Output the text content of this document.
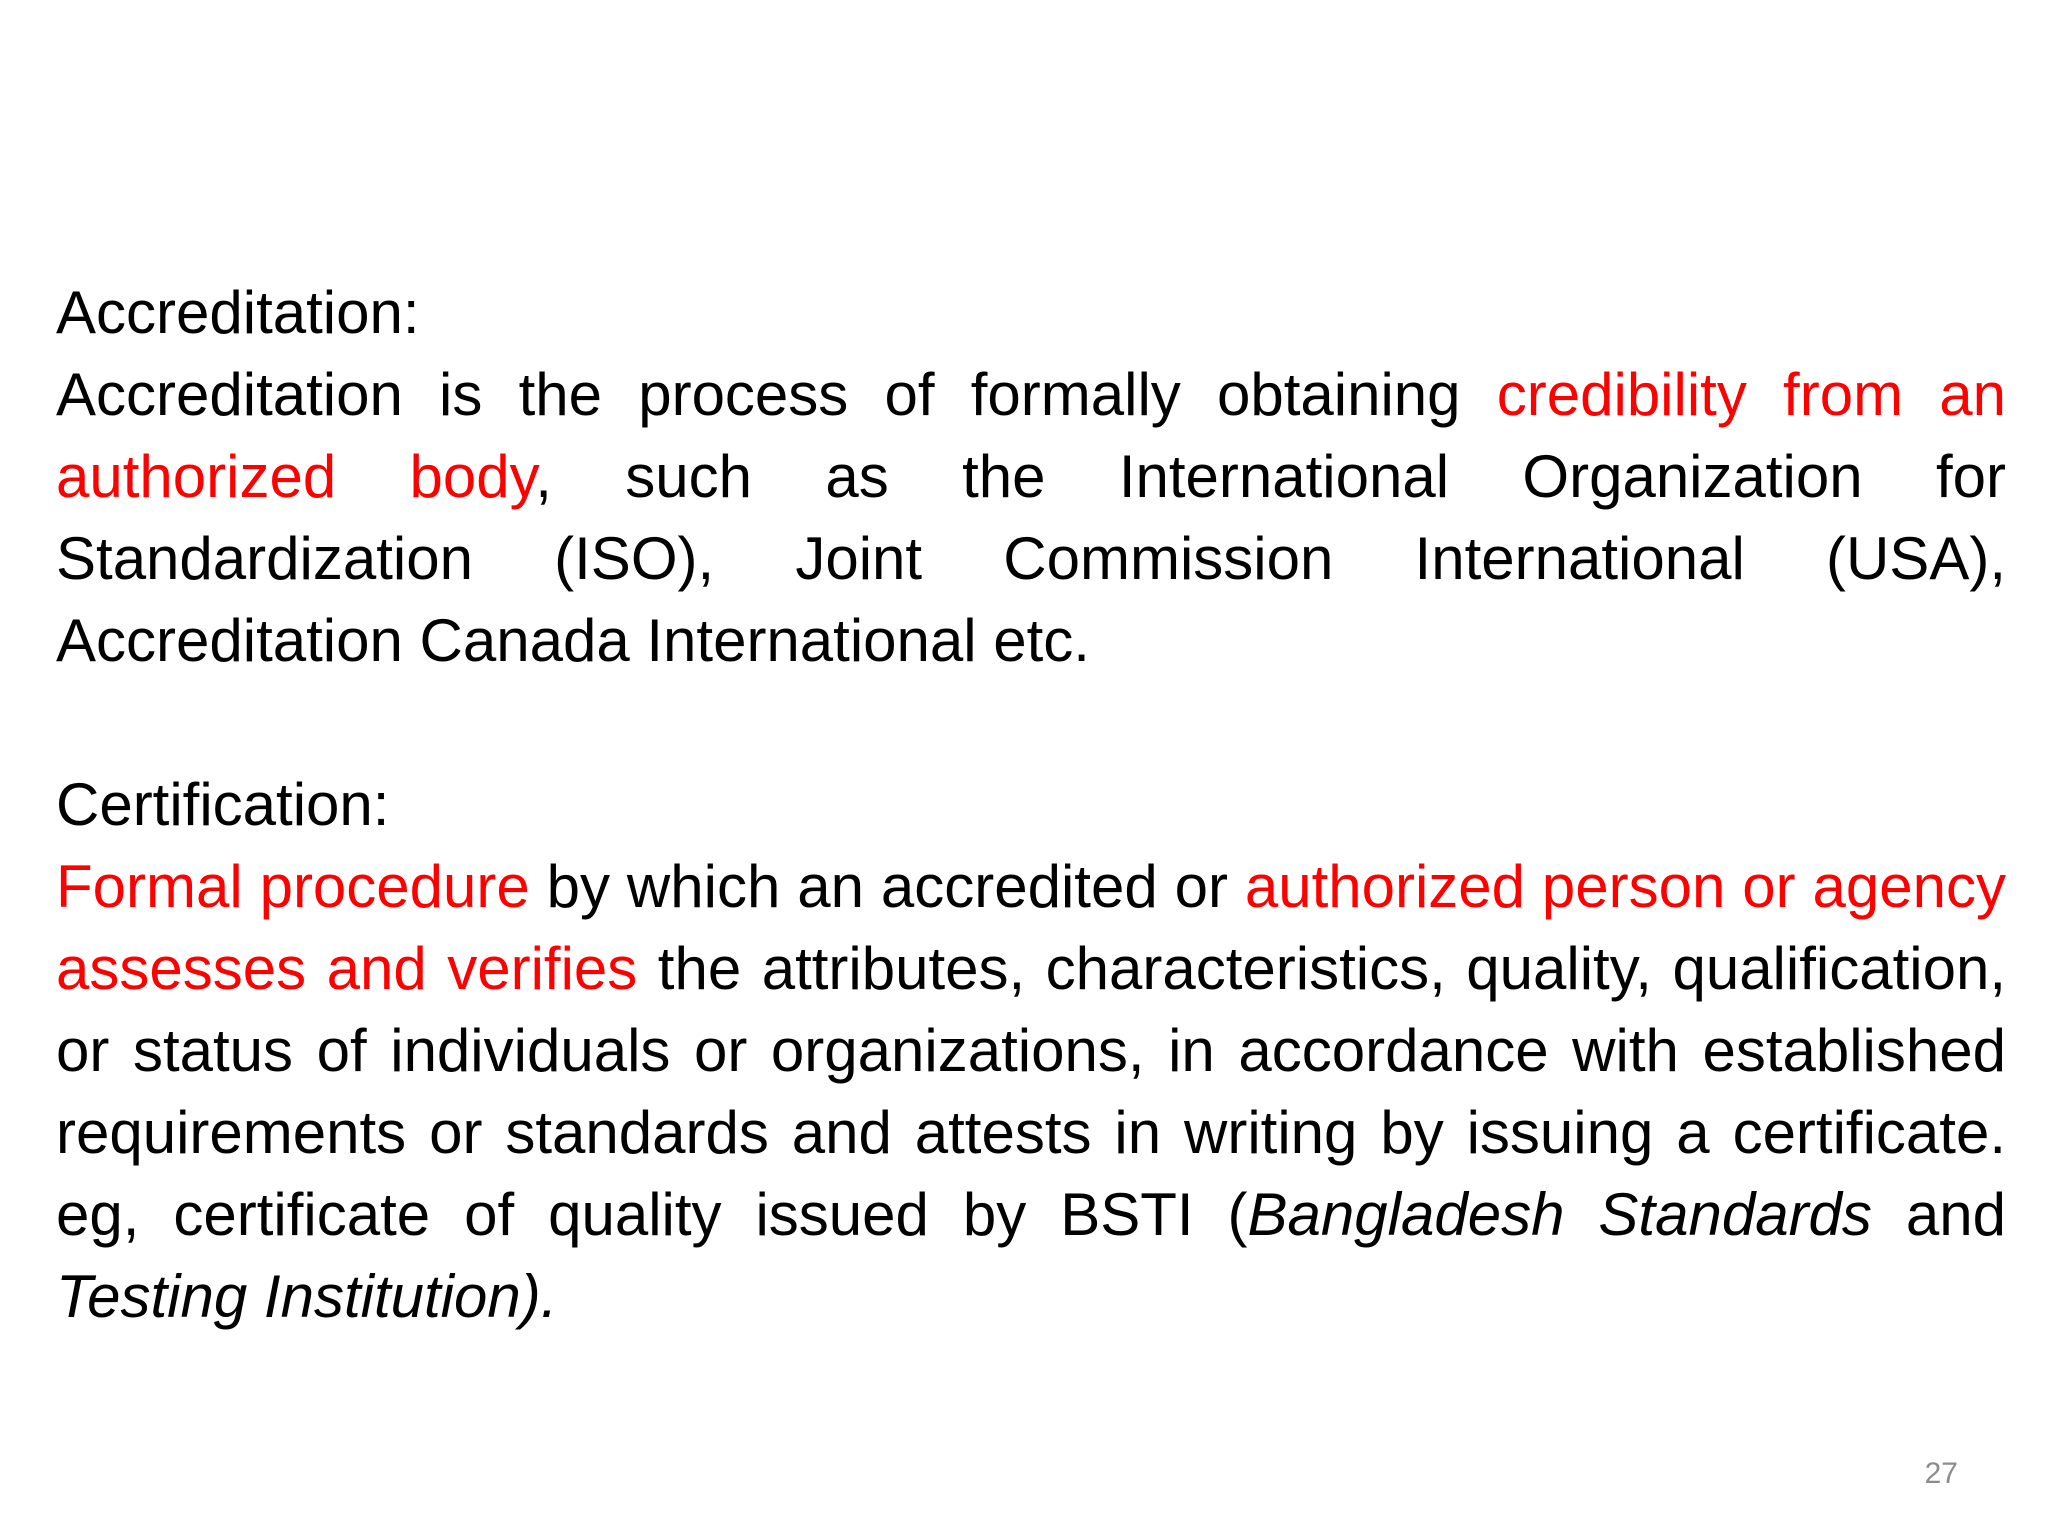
Accreditation:
Accreditation is the process of formally obtaining credibility from an authorized body, such as the International Organization for Standardization (ISO), Joint Commission International (USA), Accreditation Canada International etc.
Certification:
Formal procedure by which an accredited or authorized person or agency assesses and verifies the attributes, characteristics, quality, qualification, or status of individuals or organizations, in accordance with established requirements or standards and attests in writing by issuing a certificate. eg, certificate of quality issued by BSTI (Bangladesh Standards and Testing Institution).
27
